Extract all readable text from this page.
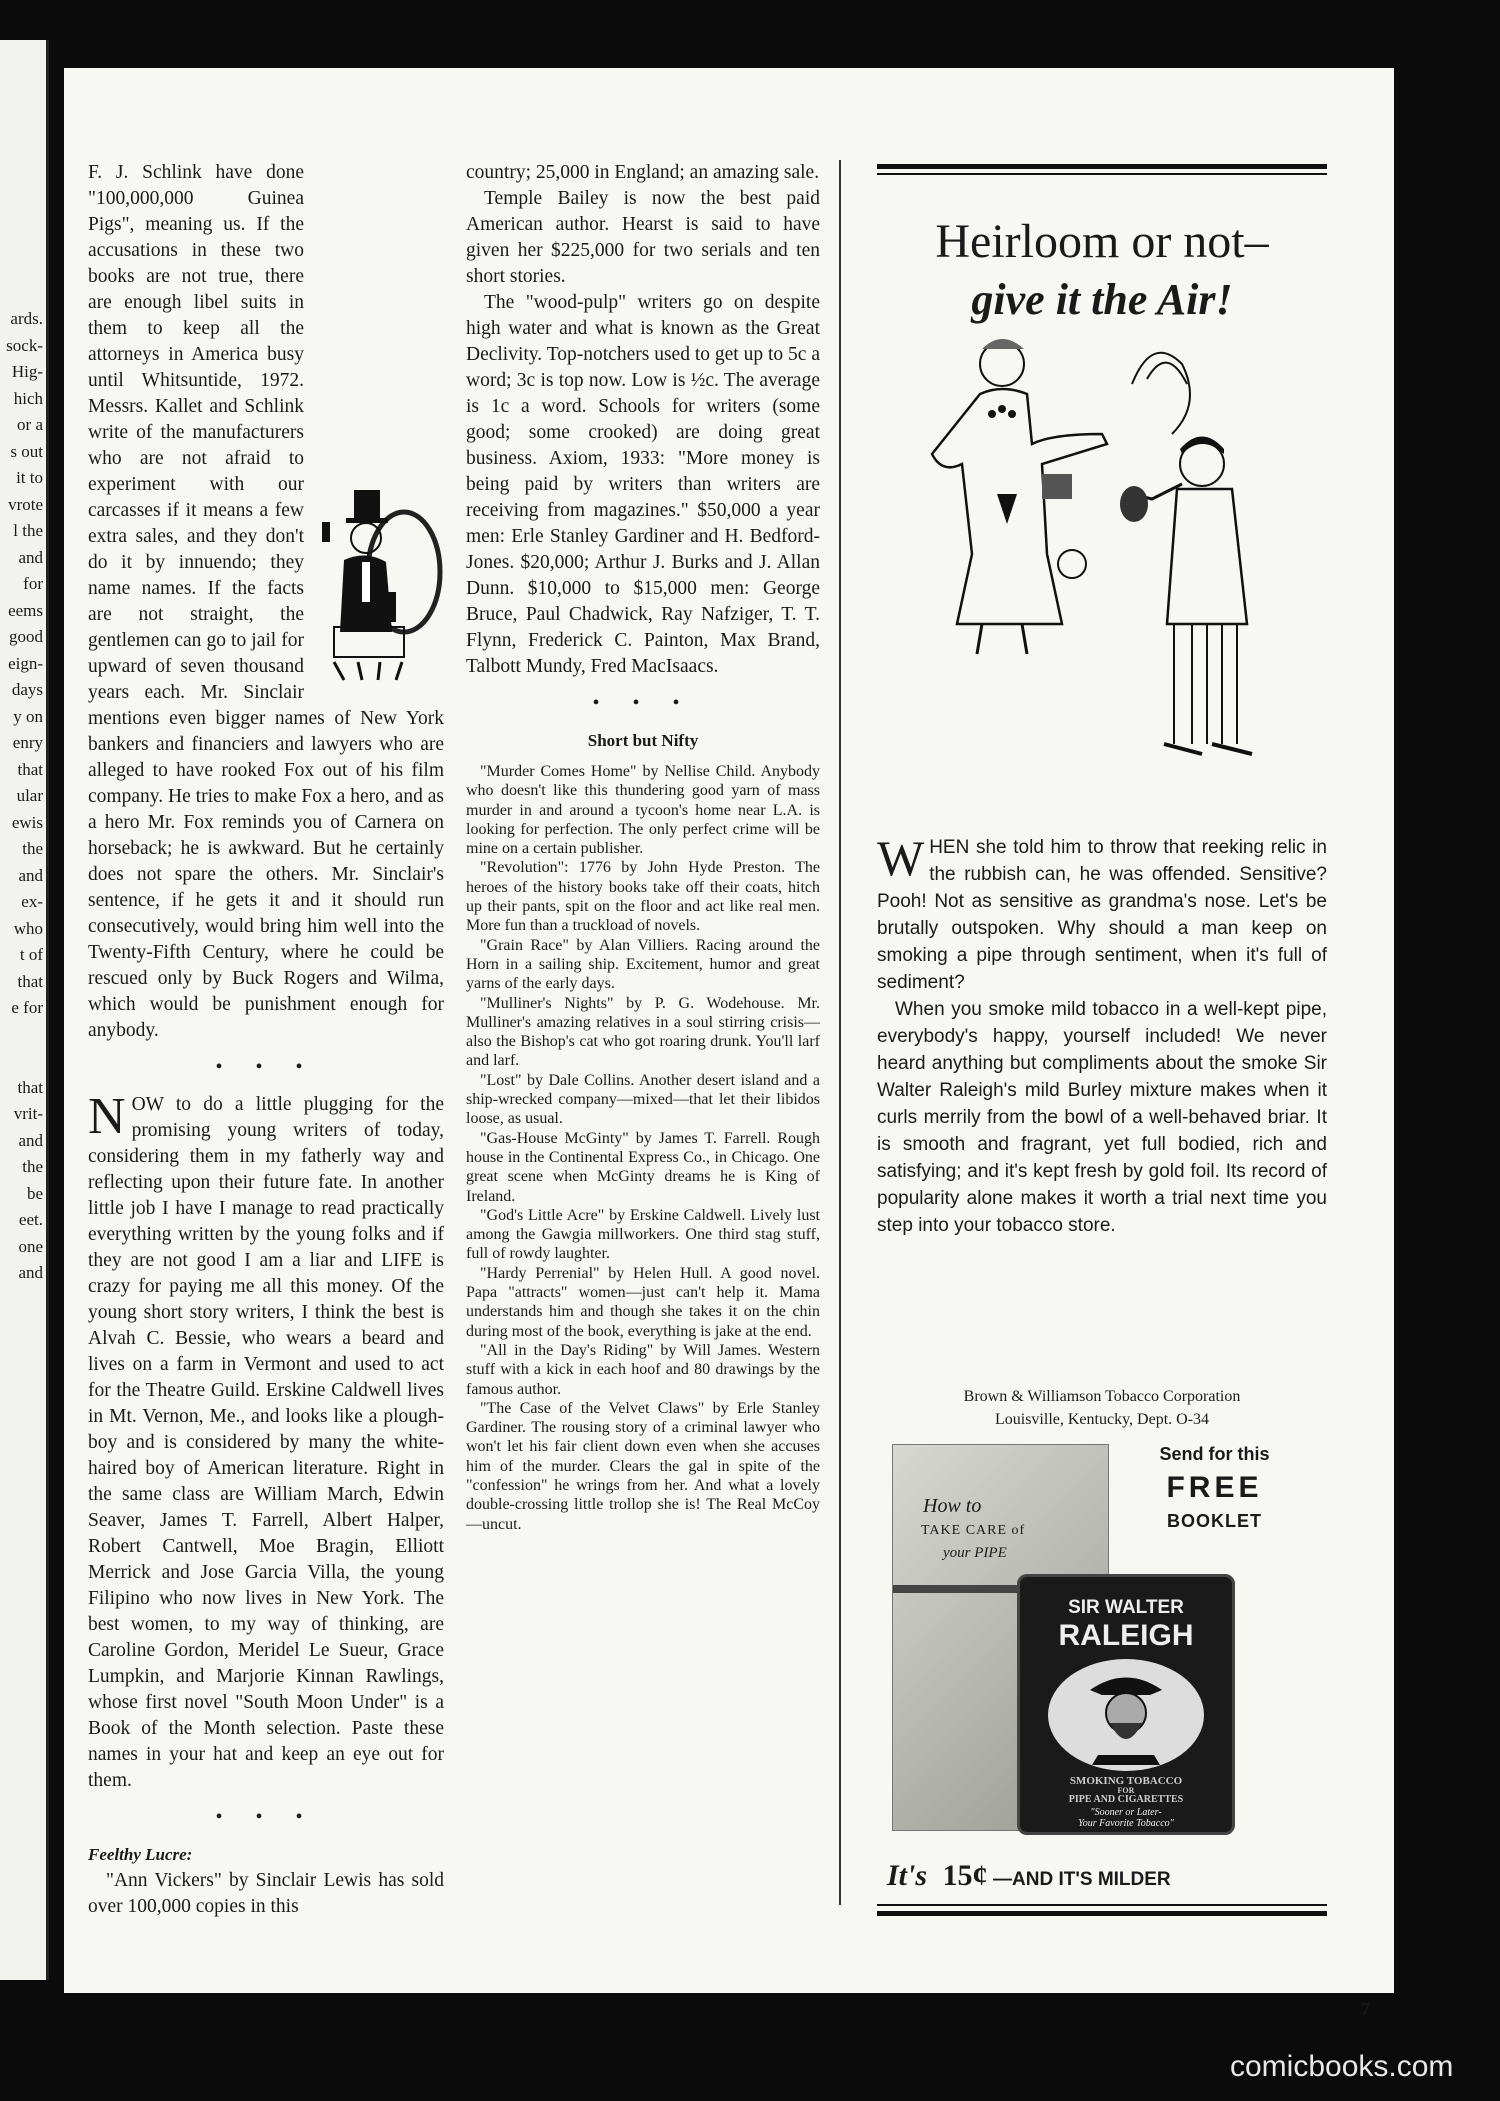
ards.
sock-
Hig-
hich
or a
s out
it to
vrote
l the
and
for
eems
good
eign-
days
y on
enry
that
ular
ewis
the
and
ex-
who
t of
that
e for
that
vrit-
and
the
be
eet.
one
and

F. J. Schlink have done "100,000,000 Guinea Pigs", meaning us. If the accusations in these two books are not true, there are enough libel suits in them to keep all the attorneys in America busy until Whitsuntide, 1972. Messrs. Kallet and Schlink write of the manufacturers who are not afraid to experiment with our carcasses if it means a few extra sales, and they don't do it by innuendo; they name names. If the facts are not straight, the gentlemen can go to jail for upward of seven thousand years each. Mr. Sinclair mentions even bigger names of New York bankers and financiers and lawyers who are alleged to have rooked Fox out of his film company. He tries to make Fox a hero, and as a hero Mr. Fox reminds you of Carnera on horseback; he is awkward. But he certainly does not spare the others. Mr. Sinclair's sentence, if he gets it and it should run consecutively, would bring him well into the Twenty-Fifth Century, where he could be rescued only by Buck Rogers and Wilma, which would be punishment enough for anybody.

• • •

NOW to do a little plugging for the promising young writers of today, considering them in my fatherly way and reflecting upon their future fate. In another little job I have I manage to read practically everything written by the young folks and if they are not good I am a liar and LIFE is crazy for paying me all this money. Of the young short story writers, I think the best is Alvah C. Bessie, who wears a beard and lives on a farm in Vermont and used to act for the Theatre Guild. Erskine Caldwell lives in Mt. Vernon, Me., and looks like a plough-boy and is considered by many the white-haired boy of American literature. Right in the same class are William March, Edwin Seaver, James T. Farrell, Albert Halper, Robert Cantwell, Moe Bragin, Elliott Merrick and Jose Garcia Villa, the young Filipino who now lives in New York. The best women, to my way of thinking, are Caroline Gordon, Meridel Le Sueur, Grace Lumpkin, and Marjorie Kinnan Rawlings, whose first novel "South Moon Under" is a Book of the Month selection. Paste these names in your hat and keep an eye out for them.

• • •

Feelthy Lucre:

"Ann Vickers" by Sinclair Lewis has sold over 100,000 copies in this

country; 25,000 in England; an amazing sale.

Temple Bailey is now the best paid American author. Hearst is said to have given her $225,000 for two serials and ten short stories.

The "wood-pulp" writers go on despite high water and what is known as the Great Declivity. Top-notchers used to get up to 5c a word; 3c is top now. Low is ½c. The average is 1c a word. Schools for writers (some good; some crooked) are doing great business. Axiom, 1933: "More money is being paid by writers than writers are receiving from magazines." $50,000 a year men: Erle Stanley Gardiner and H. Bedford-Jones. $20,000; Arthur J. Burks and J. Allan Dunn. $10,000 to $15,000 men: George Bruce, Paul Chadwick, Ray Nafziger, T. T. Flynn, Frederick C. Painton, Max Brand, Talbott Mundy, Fred MacIsaacs.

• • •
Short but Nifty

"Murder Comes Home" by Nellise Child. Anybody who doesn't like this thundering good yarn of mass murder in and around a tycoon's home near L.A. is looking for perfection. The only perfect crime will be mine on a certain publisher.

"Revolution": 1776 by John Hyde Preston. The heroes of the history books take off their coats, hitch up their pants, spit on the floor and act like real men. More fun than a truckload of novels.

"Grain Race" by Alan Villiers. Racing around the Horn in a sailing ship. Excitement, humor and great yarns of the early days.

"Mulliner's Nights" by P. G. Wodehouse. Mr. Mulliner's amazing relatives in a soul stirring crisis—also the Bishop's cat who got roaring drunk. You'll larf and larf.

"Lost" by Dale Collins. Another desert island and a ship-wrecked company—mixed—that let their libidos loose, as usual.

"Gas-House McGinty" by James T. Farrell. Rough house in the Continental Express Co., in Chicago. One great scene when McGinty dreams he is King of Ireland.

"God's Little Acre" by Erskine Caldwell. Lively lust among the Gawgia millworkers. One third stag stuff, full of rowdy laughter.

"Hardy Perrenial" by Helen Hull. A good novel. Papa "attracts" women—just can't help it. Mama understands him and though she takes it on the chin during most of the book, everything is jake at the end.

"All in the Day's Riding" by Will James. Western stuff with a kick in each hoof and 80 drawings by the famous author.

"The Case of the Velvet Claws" by Erle Stanley Gardiner. The rousing story of a criminal lawyer who won't let his fair client down even when she accuses him of the murder. Clears the gal in spite of the "confession" he wrings from her. And what a lovely double-crossing little trollop she is! The Real McCoy—uncut.

Heirloom or not–
give it the Air!

WHEN she told him to throw that reeking relic in the rubbish can, he was offended. Sensitive? Pooh! Not as sensitive as grandma's nose. Let's be brutally outspoken. Why should a man keep on smoking a pipe through sentiment, when it's full of sediment?

When you smoke mild tobacco in a well-kept pipe, everybody's happy, yourself included! We never heard anything but compliments about the smoke Sir Walter Raleigh's mild Burley mixture makes when it curls merrily from the bowl of a well-behaved briar. It is smooth and fragrant, yet full bodied, rich and satisfying; and it's kept fresh by gold foil. Its record of popularity alone makes it worth a trial next time you step into your tobacco store.

Brown & Williamson Tobacco Corporation
Louisville, Kentucky, Dept. O-34
How to
TAKE CARE of
your PIPE
Send for this
FREE
BOOKLET
SIR WALTER
RALEIGH
SMOKING TOBACCO
FOR
PIPE AND CIGARETTES
"Sooner or Later-
Your Favorite Tobacco"
It's 15¢ —AND IT'S MILDER
7
comicbooks.com
